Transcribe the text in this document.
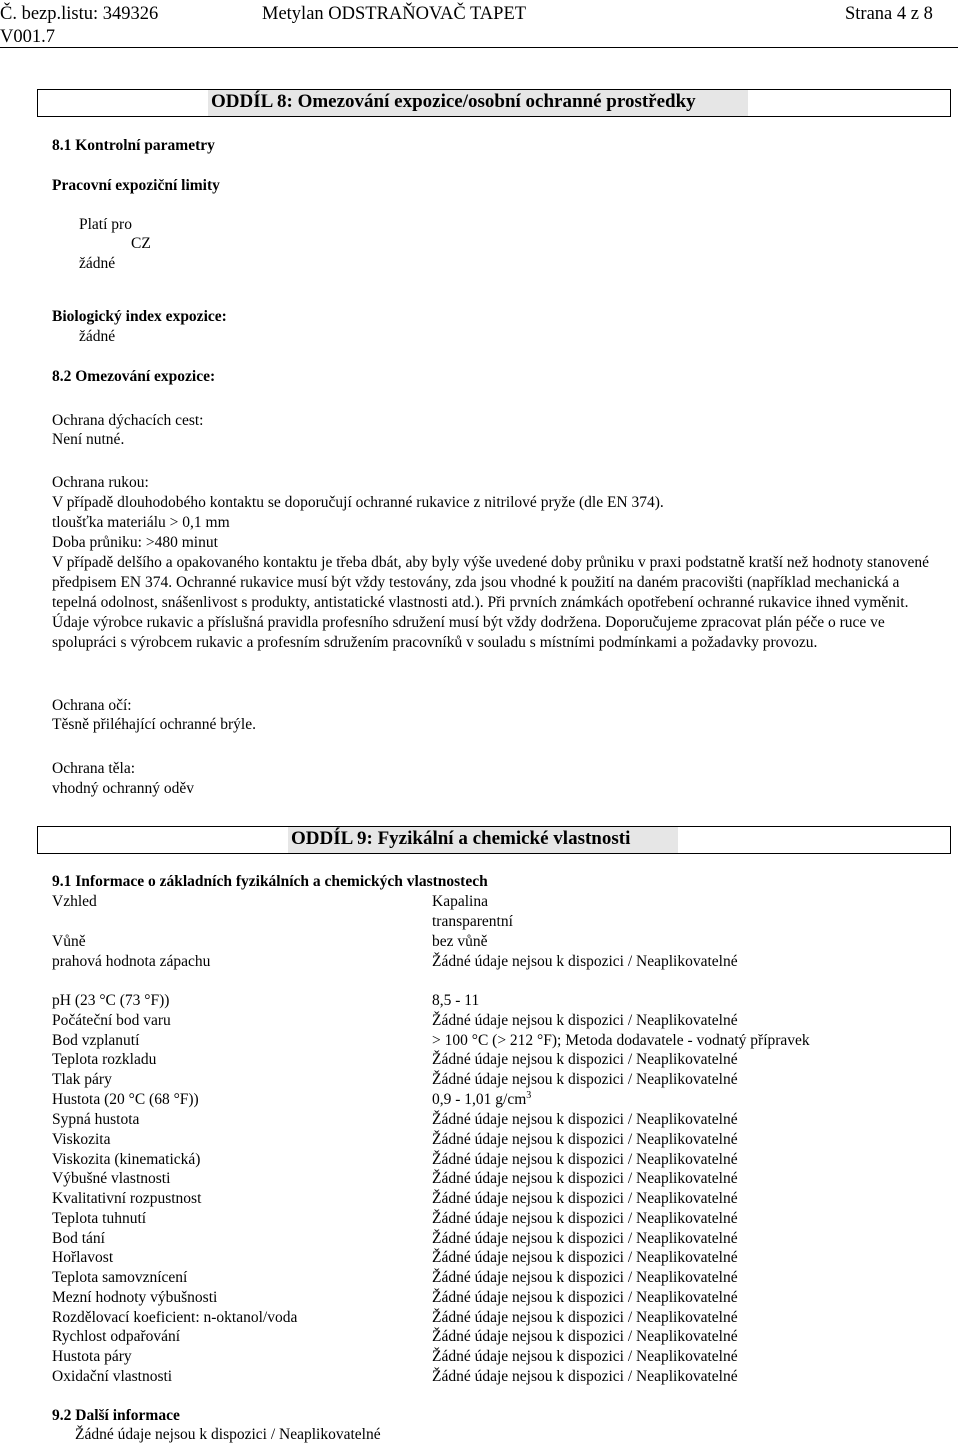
Č. bezp.listu: 349326
V001.7
Metylan ODSTRAŇOVAČ TAPET	Strana 4 z 8
ODDÍL 8: Omezování expozice/osobní ochranné prostředky
8.1 Kontrolní parametry
Pracovní expoziční limity
Platí pro
CZ
žádné
Biologický index expozice:
žádné
8.2 Omezování expozice:
Ochrana dýchacích cest:
Není nutné.
Ochrana rukou:
V případě dlouhodobého kontaktu se doporučují ochranné rukavice z nitrilové pryže (dle EN 374).
tloušťka materiálu > 0,1 mm
Doba průniku: >480 minut
V případě delšího a opakovaného kontaktu je třeba dbát, aby byly výše uvedené doby průniku v praxi podstatně kratší než hodnoty stanovené předpisem EN 374. Ochranné rukavice musí být vždy testovány, zda jsou vhodné k použití na daném pracovišti (například mechanická a tepelná odolnost, snášenlivost s produkty, antistatické vlastnosti atd.). Při prvních známkách opotřebení ochranné rukavice ihned vyměnit. Údaje výrobce rukavic a příslušná pravidla profesního sdružení musí být vždy dodržena. Doporučujeme zpracovat plán péče o ruce ve spolupráci s výrobcem rukavic a profesním sdružením pracovníků v souladu s místními podmínkami a požadavky provozu.
Ochrana očí:
Těsně přiléhající ochranné brýle.
Ochrana těla:
vhodný ochranný oděv
ODDÍL 9: Fyzikální a chemické vlastnosti
9.1 Informace o základních fyzikálních a chemických vlastnostech
Vzhled	Kapalina
transparentní
Vůně	bez vůně
prahová hodnota zápachu	Žádné údaje nejsou k dispozici / Neaplikovatelné
pH (23 °C (73 °F))	8,5 - 11
Počáteční bod varu	Žádné údaje nejsou k dispozici / Neaplikovatelné
Bod vzplanutí	> 100 °C (> 212 °F); Metoda dodavatele - vodnatý přípravek
Teplota rozkladu	Žádné údaje nejsou k dispozici / Neaplikovatelné
Tlak páry	Žádné údaje nejsou k dispozici / Neaplikovatelné
Hustota (20 °C (68 °F))	0,9 - 1,01 $g/cm^3$
Sypná hustota	Žádné údaje nejsou k dispozici / Neaplikovatelné
Viskozita	Žádné údaje nejsou k dispozici / Neaplikovatelné
Viskozita (kinematická)	Žádné údaje nejsou k dispozici / Neaplikovatelné
Výbušné vlastnosti	Žádné údaje nejsou k dispozici / Neaplikovatelné
Kvalitativní rozpustnost	Žádné údaje nejsou k dispozici / Neaplikovatelné
Teplota tuhnutí	Žádné údaje nejsou k dispozici / Neaplikovatelné
Bod tání	Žádné údaje nejsou k dispozici / Neaplikovatelné
Hořlavost	Žádné údaje nejsou k dispozici / Neaplikovatelné
Teplota samovznícení	Žádné údaje nejsou k dispozici / Neaplikovatelné
Mezní hodnoty výbušnosti	Žádné údaje nejsou k dispozici / Neaplikovatelné
Rozdělovací koeficient: n-oktanol/voda	Žádné údaje nejsou k dispozici / Neaplikovatelné
Rychlost odpařování	Žádné údaje nejsou k dispozici / Neaplikovatelné
Hustota páry	Žádné údaje nejsou k dispozici / Neaplikovatelné
Oxidační vlastnosti	Žádné údaje nejsou k dispozici / Neaplikovatelné
9.2 Další informace
Žádné údaje nejsou k dispozici / Neaplikovatelné
